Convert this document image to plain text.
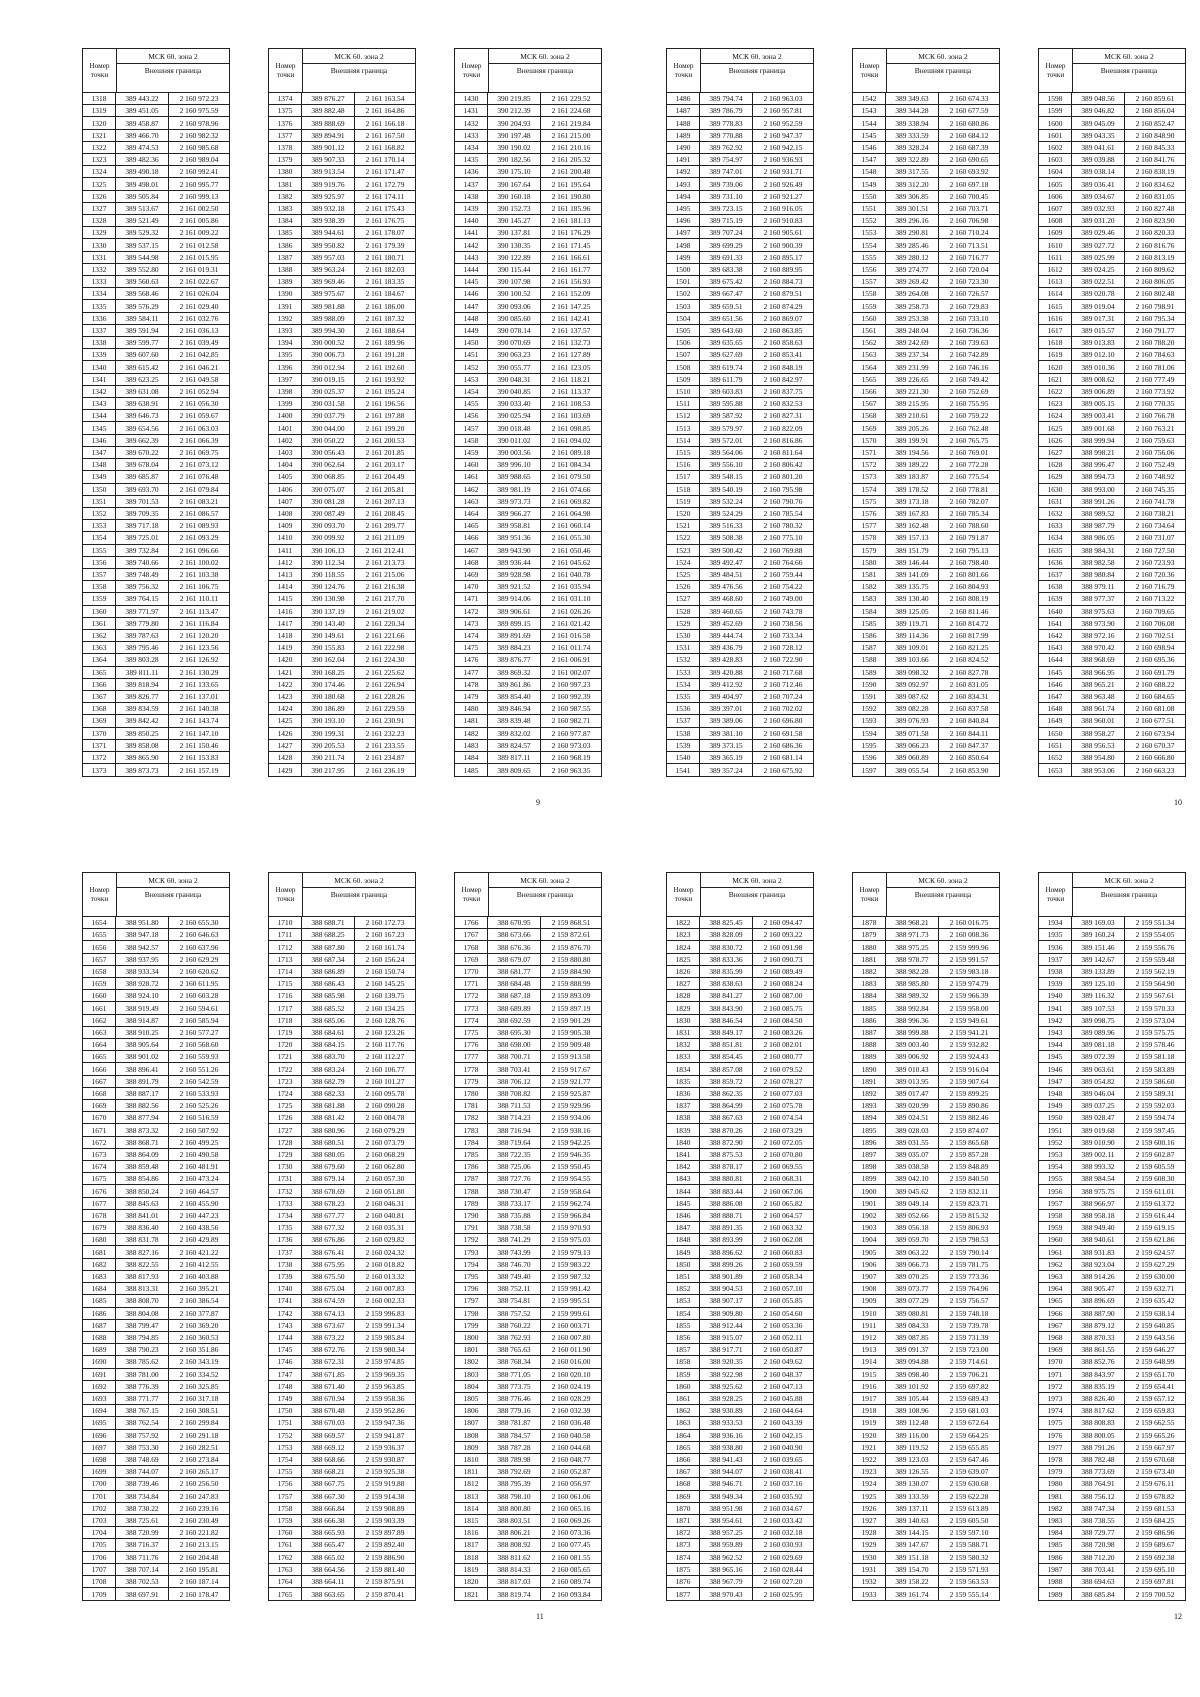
Номер точки
МСК 60. зона 2
Внешняя граница
1318	389 443.22	2 160 972.23
1319	389 451.05	2 160 975.59
1320	389 458.87	2 160 978.96
1321	389 466.70	2 160 982.32
1322	389 474.53	2 160 985.68
1323	389 482.36	2 160 989.04
1324	389 490.18	2 160 992.41
1325	389 498.01	2 160 995.77
1326	389 505.84	2 160 999.13
1327	389 513.67	2 161 002.50
1328	389 521.49	2 161 005.86
1329	389 529.32	2 161 009.22
1330	389 537.15	2 161 012.58
1331	389 544.98	2 161 015.95
1332	389 552.80	2 161 019.31
1333	389 560.63	2 161 022.67
1334	389 568.46	2 161 026.04
1335	389 576.29	2 161 029.40
1336	389 584.11	2 161 032.76
1337	389 591.94	2 161 036.13
1338	389 599.77	2 161 039.49
1339	389 607.60	2 161 042.85
1340	389 615.42	2 161 046.21
1341	389 623.25	2 161 049.58
1342	389 631.08	2 161 052.94
1343	389 638.91	2 161 056.30
1344	389 646.73	2 161 059.67
1345	389 654.56	2 161 063.03
1346	389 662.39	2 161 066.39
1347	389 670.22	2 161 069.75
1348	389 678.04	2 161 073.12
1349	389 685.87	2 161 076.48
1350	389 693.70	2 161 079.84
1351	389 701.53	2 161 083.21
1352	389 709.35	2 161 086.57
1353	389 717.18	2 161 089.93
1354	389 725.01	2 161 093.29
1355	389 732.84	2 161 096.66
1356	389 740.66	2 161 100.02
1357	389 748.49	2 161 103.38
1358	389 756.32	2 161 106.75
1359	389 764.15	2 161 110.11
1360	389 771.97	2 161 113.47
1361	389 779.80	2 161 116.84
1362	389 787.63	2 161 120.20
1363	389 795.46	2 161 123.56
1364	389 803.28	2 161 126.92
1365	389 811.11	2 161 130.29
1366	389 818.94	2 161 133.65
1367	389 826.77	2 161 137.01
1368	389 834.59	2 161 140.38
1369	389 842.42	2 161 143.74
1370	389 850.25	2 161 147.10
1371	389 858.08	2 161 150.46
1372	389 865.90	2 161 153.83
1373	389 873.73	2 161 157.19
Номер точки
МСК 60. зона 2
Внешняя граница
1374	389 876.27	2 161 163.54
1375	389 882.48	2 161 164.86
1376	389 888.69	2 161 166.18
1377	389 894.91	2 161 167.50
1378	389 901.12	2 161 168.82
1379	389 907.33	2 161 170.14
1380	389 913.54	2 161 171.47
1381	389 919.76	2 161 172.79
1382	389 925.97	2 161 174.11
1383	389 932.18	2 161 175.43
1384	389 938.39	2 161 176.75
1385	389 944.61	2 161 178.07
1386	389 950.82	2 161 179.39
1387	389 957.03	2 161 180.71
1388	389 963.24	2 161 182.03
1389	389 969.46	2 161 183.35
1390	389 975.67	2 161 184.67
1391	389 981.88	2 161 186.00
1392	389 988.09	2 161 187.32
1393	389 994.30	2 161 188.64
1394	390 000.52	2 161 189.96
1395	390 006.73	2 161 191.28
1396	390 012.94	2 161 192.60
1397	390 019.15	2 161 193.92
1398	390 025.37	2 161 195.24
1399	390 031.58	2 161 196.56
1400	390 037.79	2 161 197.88
1401	390 044.00	2 161 199.20
1402	390 050.22	2 161 200.53
1403	390 056.43	2 161 201.85
1404	390 062.64	2 161 203.17
1405	390 068.85	2 161 204.49
1406	390 075.07	2 161 205.81
1407	390 081.28	2 161 207.13
1408	390 087.49	2 161 208.45
1409	390 093.70	2 161 209.77
1410	390 099.92	2 161 211.09
1411	390 106.13	2 161 212.41
1412	390 112.34	2 161 213.73
1413	390 118.55	2 161 215.06
1414	390 124.76	2 161 216.38
1415	390 130.98	2 161 217.70
1416	390 137.19	2 161 219.02
1417	390 143.40	2 161 220.34
1418	390 149.61	2 161 221.66
1419	390 155.83	2 161 222.98
1420	390 162.04	2 161 224.30
1421	390 168.25	2 161 225.62
1422	390 174.46	2 161 226.94
1423	390 180.68	2 161 228.26
1424	390 186.89	2 161 229.59
1425	390 193.10	2 161 230.91
1426	390 199.31	2 161 232.23
1427	390 205.53	2 161 233.55
1428	390 211.74	2 161 234.87
1429	390 217.95	2 161 236.19
Номер точки
МСК 60. зона 2
Внешняя граница
1430	390 219.85	2 161 229.52
1431	390 212.39	2 161 224.68
1432	390 204.93	2 161 219.84
1433	390 197.48	2 161 215.00
1434	390 190.02	2 161 210.16
1435	390 182.56	2 161 205.32
1436	390 175.10	2 161 200.48
1437	390 167.64	2 161 195.64
1438	390 160.18	2 161 190.80
1439	390 152.73	2 161 185.96
1440	390 145.27	2 161 181.13
1441	390 137.81	2 161 176.29
1442	390 130.35	2 161 171.45
1443	390 122.89	2 161 166.61
1444	390 115.44	2 161 161.77
1445	390 107.98	2 161 156.93
1446	390 100.52	2 161 152.09
1447	390 093.06	2 161 147.25
1448	390 085.60	2 161 142.41
1449	390 078.14	2 161 137.57
1450	390 070.69	2 161 132.73
1451	390 063.23	2 161 127.89
1452	390 055.77	2 161 123.05
1453	390 048.31	2 161 118.21
1454	390 040.85	2 161 113.37
1455	390 033.40	2 161 108.53
1456	390 025.94	2 161 103.69
1457	390 018.48	2 161 098.85
1458	390 011.02	2 161 094.02
1459	390 003.56	2 161 089.18
1460	389 996.10	2 161 084.34
1461	389 988.65	2 161 079.50
1462	389 981.19	2 161 074.66
1463	389 973.73	2 161 069.82
1464	389 966.27	2 161 064.98
1465	389 958.81	2 161 060.14
1466	389 951.36	2 161 055.30
1467	389 943.90	2 161 050.46
1468	389 936.44	2 161 045.62
1469	389 928.98	2 161 040.78
1470	389 921.52	2 161 035.94
1471	389 914.06	2 161 031.10
1472	389 906.61	2 161 026.26
1473	389 899.15	2 161 021.42
1474	389 891.69	2 161 016.58
1475	389 884.23	2 161 011.74
1476	389 876.77	2 161 006.91
1477	389 869.32	2 161 002.07
1478	389 861.86	2 160 997.23
1479	389 854.40	2 160 992.39
1480	389 846.94	2 160 987.55
1481	389 839.48	2 160 982.71
1482	389 832.02	2 160 977.87
1483	389 824.57	2 160 973.03
1484	389 817.11	2 160 968.19
1485	389 809.65	2 160 963.35
Номер точки
МСК 60. зона 2
Внешняя граница
1486	389 794.74	2 160 963.03
1487	389 786.79	2 160 957.81
1488	389 778.83	2 160 952.59
1489	389 770.88	2 160 947.37
1490	389 762.92	2 160 942.15
1491	389 754.97	2 160 936.93
1492	389 747.01	2 160 931.71
1493	389 739.06	2 160 926.49
1494	389 731.10	2 160 921.27
1495	389 723.15	2 160 916.05
1496	389 715.19	2 160 910.83
1497	389 707.24	2 160 905.61
1498	389 699.29	2 160 900.39
1499	389 691.33	2 160 895.17
1500	389 683.38	2 160 889.95
1501	389 675.42	2 160 884.73
1502	389 667.47	2 160 879.51
1503	389 659.51	2 160 874.29
1504	389 651.56	2 160 869.07
1505	389 643.60	2 160 863.85
1506	389 635.65	2 160 858.63
1507	389 627.69	2 160 853.41
1508	389 619.74	2 160 848.19
1509	389 611.79	2 160 842.97
1510	389 603.83	2 160 837.75
1511	389 595.88	2 160 832.53
1512	389 587.92	2 160 827.31
1513	389 579.97	2 160 822.09
1514	389 572.01	2 160 816.86
1515	389 564.06	2 160 811.64
1516	389 556.10	2 160 806.42
1517	389 548.15	2 160 801.20
1518	389 540.19	2 160 795.98
1519	389 532.24	2 160 790.76
1520	389 524.29	2 160 785.54
1521	389 516.33	2 160 780.32
1522	389 508.38	2 160 775.10
1523	389 500.42	2 160 769.88
1524	389 492.47	2 160 764.66
1525	389 484.51	2 160 759.44
1526	389 476.56	2 160 754.22
1527	389 468.60	2 160 749.00
1528	389 460.65	2 160 743.78
1529	389 452.69	2 160 738.56
1530	389 444.74	2 160 733.34
1531	389 436.79	2 160 728.12
1532	389 428.83	2 160 722.90
1533	389 420.88	2 160 717.68
1534	389 412.92	2 160 712.46
1535	389 404.97	2 160 707.24
1536	389 397.01	2 160 702.02
1537	389 389.06	2 160 696.80
1538	389 381.10	2 160 691.58
1539	389 373.15	2 160 686.36
1540	389 365.19	2 160 681.14
1541	389 357.24	2 160 675.92
Номер точки
МСК 60. зона 2
Внешняя граница
1542	389 349.63	2 160 674.33
1543	389 344.28	2 160 677.59
1544	389 338.94	2 160 680.86
1545	389 333.59	2 160 684.12
1546	389 328.24	2 160 687.39
1547	389 322.89	2 160 690.65
1548	389 317.55	2 160 693.92
1549	389 312.20	2 160 697.18
1550	389 306.85	2 160 700.45
1551	389 301.51	2 160 703.71
1552	389 296.16	2 160 706.98
1553	389 290.81	2 160 710.24
1554	389 285.46	2 160 713.51
1555	389 280.12	2 160 716.77
1556	389 274.77	2 160 720.04
1557	389 269.42	2 160 723.30
1558	389 264.08	2 160 726.57
1559	389 258.73	2 160 729.83
1560	389 253.38	2 160 733.10
1561	389 248.04	2 160 736.36
1562	389 242.69	2 160 739.63
1563	389 237.34	2 160 742.89
1564	389 231.99	2 160 746.16
1565	389 226.65	2 160 749.42
1566	389 221.30	2 160 752.69
1567	389 215.95	2 160 755.95
1568	389 210.61	2 160 759.22
1569	389 205.26	2 160 762.48
1570	389 199.91	2 160 765.75
1571	389 194.56	2 160 769.01
1572	389 189.22	2 160 772.28
1573	389 183.87	2 160 775.54
1574	389 178.52	2 160 778.81
1575	389 173.18	2 160 782.07
1576	389 167.83	2 160 785.34
1577	389 162.48	2 160 788.60
1578	389 157.13	2 160 791.87
1579	389 151.79	2 160 795.13
1580	389 146.44	2 160 798.40
1581	389 141.09	2 160 801.66
1582	389 135.75	2 160 804.93
1583	389 130.40	2 160 808.19
1584	389 125.05	2 160 811.46
1585	389 119.71	2 160 814.72
1586	389 114.36	2 160 817.99
1587	389 109.01	2 160 821.25
1588	389 103.66	2 160 824.52
1589	389 098.32	2 160 827.78
1590	389 092.97	2 160 831.05
1591	389 087.62	2 160 834.31
1592	389 082.28	2 160 837.58
1593	389 076.93	2 160 840.84
1594	389 071.58	2 160 844.11
1595	389 066.23	2 160 847.37
1596	389 060.89	2 160 850.64
1597	389 055.54	2 160 853.90
Номер точки
МСК 60. зона 2
Внешняя граница
1598	389 048.56	2 160 859.61
1599	389 046.82	2 160 856.04
1600	389 045.09	2 160 852.47
1601	389 043.35	2 160 848.90
1602	389 041.61	2 160 845.33
1603	389 039.88	2 160 841.76
1604	389 038.14	2 160 838.19
1605	389 036.41	2 160 834.62
1606	389 034.67	2 160 831.05
1607	389 032.93	2 160 827.48
1608	389 031.20	2 160 823.90
1609	389 029.46	2 160 820.33
1610	389 027.72	2 160 816.76
1611	389 025.99	2 160 813.19
1612	389 024.25	2 160 809.62
1613	389 022.51	2 160 806.05
1614	389 020.78	2 160 802.48
1615	389 019.04	2 160 798.91
1616	389 017.31	2 160 795.34
1617	389 015.57	2 160 791.77
1618	389 013.83	2 160 788.20
1619	389 012.10	2 160 784.63
1620	389 010.36	2 160 781.06
1621	389 008.62	2 160 777.49
1622	389 006.89	2 160 773.92
1623	389 005.15	2 160 770.35
1624	389 003.41	2 160 766.78
1625	389 001.68	2 160 763.21
1626	388 999.94	2 160 759.63
1627	388 998.21	2 160 756.06
1628	388 996.47	2 160 752.49
1629	388 994.73	2 160 748.92
1630	388 993.00	2 160 745.35
1631	388 991.26	2 160 741.78
1632	388 989.52	2 160 738.21
1633	388 987.79	2 160 734.64
1634	388 986.05	2 160 731.07
1635	388 984.31	2 160 727.50
1636	388 982.58	2 160 723.93
1637	388 980.84	2 160 720.36
1638	388 979.11	2 160 716.79
1639	388 977.37	2 160 713.22
1640	388 975.63	2 160 709.65
1641	388 973.90	2 160 706.08
1642	388 972.16	2 160 702.51
1643	388 970.42	2 160 698.94
1644	388 968.69	2 160 695.36
1645	388 966.95	2 160 691.79
1646	388 965.21	2 160 688.22
1647	388 963.48	2 160 684.65
1648	388 961.74	2 160 681.08
1649	388 960.01	2 160 677.51
1650	388 958.27	2 160 673.94
1651	388 956.53	2 160 670.37
1652	388 954.80	2 160 666.80
1653	388 953.06	2 160 663.23
Номер точки
МСК 60. зона 2
Внешняя граница
1654	388 951.80	2 160 655.30
1655	388 947.18	2 160 646.63
1656	388 942.57	2 160 637.96
1657	388 937.95	2 160 629.29
1658	388 933.34	2 160 620.62
1659	388 928.72	2 160 611.95
1660	388 924.10	2 160 603.28
1661	388 919.49	2 160 594.61
1662	388 914.87	2 160 585.94
1663	388 910.25	2 160 577.27
1664	388 905.64	2 160 568.60
1665	388 901.02	2 160 559.93
1666	388 896.41	2 160 551.26
1667	388 891.79	2 160 542.59
1668	388 887.17	2 160 533.93
1669	388 882.56	2 160 525.26
1670	388 877.94	2 160 516.59
1671	388 873.32	2 160 507.92
1672	388 868.71	2 160 499.25
1673	388 864.09	2 160 490.58
1674	388 859.48	2 160 481.91
1675	388 854.86	2 160 473.24
1676	388 850.24	2 160 464.57
1677	388 845.63	2 160 455.90
1678	388 841.01	2 160 447.23
1679	388 836.40	2 160 438.56
1680	388 831.78	2 160 429.89
1681	388 827.16	2 160 421.22
1682	388 822.55	2 160 412.55
1683	388 817.93	2 160 403.88
1684	388 813.31	2 160 395.21
1685	388 808.70	2 160 386.54
1686	388 804.08	2 160 377.87
1687	388 799.47	2 160 369.20
1688	388 794.85	2 160 360.53
1689	388 790.23	2 160 351.86
1690	388 785.62	2 160 343.19
1691	388 781.00	2 160 334.52
1692	388 776.39	2 160 325.85
1693	388 771.77	2 160 317.18
1694	388 767.15	2 160 308.51
1695	388 762.54	2 160 299.84
1696	388 757.92	2 160 291.18
1697	388 753.30	2 160 282.51
1698	388 748.69	2 160 273.84
1699	388 744.07	2 160 265.17
1700	388 739.46	2 160 256.50
1701	388 734.84	2 160 247.83
1702	388 730.22	2 160 239.16
1703	388 725.61	2 160 230.49
1704	388 720.99	2 160 221.82
1705	388 716.37	2 160 213.15
1706	388 711.76	2 160 204.48
1707	388 707.14	2 160 195.81
1708	388 702.53	2 160 187.14
1709	388 697.91	2 160 178.47
Номер точки
МСК 60. зона 2
Внешняя граница
1710	388 688.71	2 160 172.73
1711	388 688.25	2 160 167.23
1712	388 687.80	2 160 161.74
1713	388 687.34	2 160 156.24
1714	388 686.89	2 160 150.74
1715	388 686.43	2 160 145.25
1716	388 685.98	2 160 139.75
1717	388 685.52	2 160 134.25
1718	388 685.06	2 160 128.76
1719	388 684.61	2 160 123.26
1720	388 684.15	2 160 117.76
1721	388 683.70	2 160 112.27
1722	388 683.24	2 160 106.77
1723	388 682.79	2 160 101.27
1724	388 682.33	2 160 095.78
1725	388 681.88	2 160 090.28
1726	388 681.42	2 160 084.78
1727	388 680.96	2 160 079.29
1728	388 680.51	2 160 073.79
1729	388 680.05	2 160 068.29
1730	388 679.60	2 160 062.80
1731	388 679.14	2 160 057.30
1732	388 678.69	2 160 051.80
1733	388 678.23	2 160 046.31
1734	388 677.77	2 160 040.81
1735	388 677.32	2 160 035.31
1736	388 676.86	2 160 029.82
1737	388 676.41	2 160 024.32
1738	388 675.95	2 160 018.82
1739	388 675.50	2 160 013.32
1740	388 675.04	2 160 007.83
1741	388 674.59	2 160 002.33
1742	388 674.13	2 159 996.83
1743	388 673.67	2 159 991.34
1744	388 673.22	2 159 985.84
1745	388 672.76	2 159 980.34
1746	388 672.31	2 159 974.85
1747	388 671.85	2 159 969.35
1748	388 671.40	2 159 963.85
1749	388 670.94	2 159 958.36
1750	388 670.48	2 159 952.86
1751	388 670.03	2 159 947.36
1752	388 669.57	2 159 941.87
1753	388 669.12	2 159 936.37
1754	388 668.66	2 159 930.87
1755	388 668.21	2 159 925.38
1756	388 667.75	2 159 919.88
1757	388 667.30	2 159 914.38
1758	388 666.84	2 159 908.89
1759	388 666.38	2 159 903.39
1760	388 665.93	2 159 897.89
1761	388 665.47	2 159 892.40
1762	388 665.02	2 159 886.90
1763	388 664.56	2 159 881.40
1764	388 664.11	2 159 875.91
1765	388 663.65	2 159 870.41
Номер точки
МСК 60. зона 2
Внешняя граница
1766	388 670.95	2 159 868.51
1767	388 673.66	2 159 872.61
1768	388 676.36	2 159 876.70
1769	388 679.07	2 159 880.80
1770	388 681.77	2 159 884.90
1771	388 684.48	2 159 888.99
1772	388 687.18	2 159 893.09
1773	388 689.89	2 159 897.19
1774	388 692.59	2 159 901.29
1775	388 695.30	2 159 905.38
1776	388 698.00	2 159 909.48
1777	388 700.71	2 159 913.58
1778	388 703.41	2 159 917.67
1779	388 706.12	2 159 921.77
1780	388 708.82	2 159 925.87
1781	388 711.53	2 159 929.96
1782	388 714.23	2 159 934.06
1783	388 716.94	2 159 938.16
1784	388 719.64	2 159 942.25
1785	388 722.35	2 159 946.35
1786	388 725.06	2 159 950.45
1787	388 727.76	2 159 954.55
1788	388 730.47	2 159 958.64
1789	388 733.17	2 159 962.74
1790	388 735.88	2 159 966.84
1791	388 738.58	2 159 970.93
1792	388 741.29	2 159 975.03
1793	388 743.99	2 159 979.13
1794	388 746.70	2 159 983.22
1795	388 749.40	2 159 987.32
1796	388 752.11	2 159 991.42
1797	388 754.81	2 159 995.51
1798	388 757.52	2 159 999.61
1799	388 760.22	2 160 003.71
1800	388 762.93	2 160 007.80
1801	388 765.63	2 160 011.90
1802	388 768.34	2 160 016.00
1803	388 771.05	2 160 020.10
1804	388 773.75	2 160 024.19
1805	388 776.46	2 160 028.29
1806	388 779.16	2 160 032.39
1807	388 781.87	2 160 036.48
1808	388 784.57	2 160 040.58
1809	388 787.28	2 160 044.68
1810	388 789.98	2 160 048.77
1811	388 792.69	2 160 052.87
1812	388 795.39	2 160 056.97
1813	388 798.10	2 160 061.06
1814	388 800.80	2 160 065.16
1815	388 803.51	2 160 069.26
1816	388 806.21	2 160 073.36
1817	388 808.92	2 160 077.45
1818	388 811.62	2 160 081.55
1819	388 814.33	2 160 085.65
1820	388 817.03	2 160 089.74
1821	388 819.74	2 160 093.84
Номер точки
МСК 60. зона 2
Внешняя граница
1822	388 825.45	2 160 094.47
1823	388 828.09	2 160 093.22
1824	388 830.72	2 160 091.98
1825	388 833.36	2 160 090.73
1826	388 835.99	2 160 089.49
1827	388 838.63	2 160 088.24
1828	388 841.27	2 160 087.00
1829	388 843.90	2 160 085.75
1830	388 846.54	2 160 084.50
1831	388 849.17	2 160 083.26
1832	388 851.81	2 160 082.01
1833	388 854.45	2 160 080.77
1834	388 857.08	2 160 079.52
1835	388 859.72	2 160 078.27
1836	388 862.35	2 160 077.03
1837	388 864.99	2 160 075.78
1838	388 867.63	2 160 074.54
1839	388 870.26	2 160 073.29
1840	388 872.90	2 160 072.05
1841	388 875.53	2 160 070.80
1842	388 878.17	2 160 069.55
1843	388 880.81	2 160 068.31
1844	388 883.44	2 160 067.06
1845	388 886.08	2 160 065.82
1846	388 888.71	2 160 064.57
1847	388 891.35	2 160 063.32
1848	388 893.99	2 160 062.08
1849	388 896.62	2 160 060.83
1850	388 899.26	2 160 059.59
1851	388 901.89	2 160 058.34
1852	388 904.53	2 160 057.10
1853	388 907.17	2 160 055.85
1854	388 909.80	2 160 054.60
1855	388 912.44	2 160 053.36
1856	388 915.07	2 160 052.11
1857	388 917.71	2 160 050.87
1858	388 920.35	2 160 049.62
1859	388 922.98	2 160 048.37
1860	388 925.62	2 160 047.13
1861	388 928.25	2 160 045.88
1862	388 930.89	2 160 044.64
1863	388 933.53	2 160 043.39
1864	388 936.16	2 160 042.15
1865	388 938.80	2 160 040.90
1866	388 941.43	2 160 039.65
1867	388 944.07	2 160 038.41
1868	388 946.71	2 160 037.16
1869	388 949.34	2 160 035.92
1870	388 951.98	2 160 034.67
1871	388 954.61	2 160 033.42
1872	388 957.25	2 160 032.18
1873	388 959.89	2 160 030.93
1874	388 962.52	2 160 029.69
1875	388 965.16	2 160 028.44
1876	388 967.79	2 160 027.20
1877	388 970.43	2 160 025.95
Номер точки
МСК 60. зона 2
Внешняя граница
1878	388 968.21	2 160 016.75
1879	388 971.73	2 160 008.36
1880	388 975.25	2 159 999.96
1881	388 978.77	2 159 991.57
1882	388 982.28	2 159 983.18
1883	388 985.80	2 159 974.79
1884	388 989.32	2 159 966.39
1885	388 992.84	2 159 958.00
1886	388 996.36	2 159 949.61
1887	388 999.88	2 159 941.21
1888	389 003.40	2 159 932.82
1889	389 006.92	2 159 924.43
1890	389 010.43	2 159 916.04
1891	389 013.95	2 159 907.64
1892	389 017.47	2 159 899.25
1893	389 020.99	2 159 890.86
1894	389 024.51	2 159 882.46
1895	389 028.03	2 159 874.07
1896	389 031.55	2 159 865.68
1897	389 035.07	2 159 857.28
1898	389 038.58	2 159 848.89
1899	389 042.10	2 159 840.50
1900	389 045.62	2 159 832.11
1901	389 049.14	2 159 823.71
1902	389 052.66	2 159 815.32
1903	389 056.18	2 159 806.93
1904	389 059.70	2 159 798.53
1905	389 063.22	2 159 790.14
1906	389 066.73	2 159 781.75
1907	389 070.25	2 159 773.36
1908	389 073.77	2 159 764.96
1909	389 077.29	2 159 756.57
1910	389 080.81	2 159 748.18
1911	389 084.33	2 159 739.78
1912	389 087.85	2 159 731.39
1913	389 091.37	2 159 723.00
1914	389 094.88	2 159 714.61
1915	389 098.40	2 159 706.21
1916	389 101.92	2 159 697.82
1917	389 105.44	2 159 689.43
1918	389 108.96	2 159 681.03
1919	389 112.48	2 159 672.64
1920	389 116.00	2 159 664.25
1921	389 119.52	2 159 655.85
1922	389 123.03	2 159 647.46
1923	389 126.55	2 159 639.07
1924	389 130.07	2 159 630.68
1925	389 133.59	2 159 622.28
1926	389 137.11	2 159 613.89
1927	389 140.63	2 159 605.50
1928	389 144.15	2 159 597.10
1929	389 147.67	2 159 588.71
1930	389 151.18	2 159 580.32
1931	389 154.70	2 159 571.93
1932	389 158.22	2 159 563.53
1933	389 161.74	2 159 555.14
Номер точки
МСК 60. зона 2
Внешняя граница
1934	389 169.03	2 159 551.34
1935	389 160.24	2 159 554.05
1936	389 151.46	2 159 556.76
1937	389 142.67	2 159 559.48
1938	389 133.89	2 159 562.19
1939	389 125.10	2 159 564.90
1940	389 116.32	2 159 567.61
1941	389 107.53	2 159 570.33
1942	389 098.75	2 159 573.04
1943	389 089.96	2 159 575.75
1944	389 081.18	2 159 578.46
1945	389 072.39	2 159 581.18
1946	389 063.61	2 159 583.89
1947	389 054.82	2 159 586.60
1948	389 046.04	2 159 589.31
1949	389 037.25	2 159 592.03
1950	389 028.47	2 159 594.74
1951	389 019.68	2 159 597.45
1952	389 010.90	2 159 600.16
1953	389 002.11	2 159 602.87
1954	388 993.32	2 159 605.59
1955	388 984.54	2 159 608.30
1956	388 975.75	2 159 611.01
1957	388 966.97	2 159 613.72
1958	388 958.18	2 159 616.44
1959	388 949.40	2 159 619.15
1960	388 940.61	2 159 621.86
1961	388 931.83	2 159 624.57
1962	388 923.04	2 159 627.29
1963	388 914.26	2 159 630.00
1964	388 905.47	2 159 632.71
1965	388 896.69	2 159 635.42
1966	388 887.90	2 159 638.14
1967	388 879.12	2 159 640.85
1968	388 870.33	2 159 643.56
1969	388 861.55	2 159 646.27
1970	388 852.76	2 159 648.99
1971	388 843.97	2 159 651.70
1972	388 835.19	2 159 654.41
1973	388 826.40	2 159 657.12
1974	388 817.62	2 159 659.83
1975	388 808.83	2 159 662.55
1976	388 800.05	2 159 665.26
1977	388 791.26	2 159 667.97
1978	388 782.48	2 159 670.68
1979	388 773.69	2 159 673.40
1980	388 764.91	2 159 676.11
1981	388 756.12	2 159 678.82
1982	388 747.34	2 159 681.53
1983	388 738.55	2 159 684.25
1984	388 729.77	2 159 686.96
1985	388 720.98	2 159 689.67
1986	388 712.20	2 159 692.38
1987	388 703.41	2 159 695.10
1988	388 694.63	2 159 697.81
1989	388 685.84	2 159 700.52
9	10
11	12
